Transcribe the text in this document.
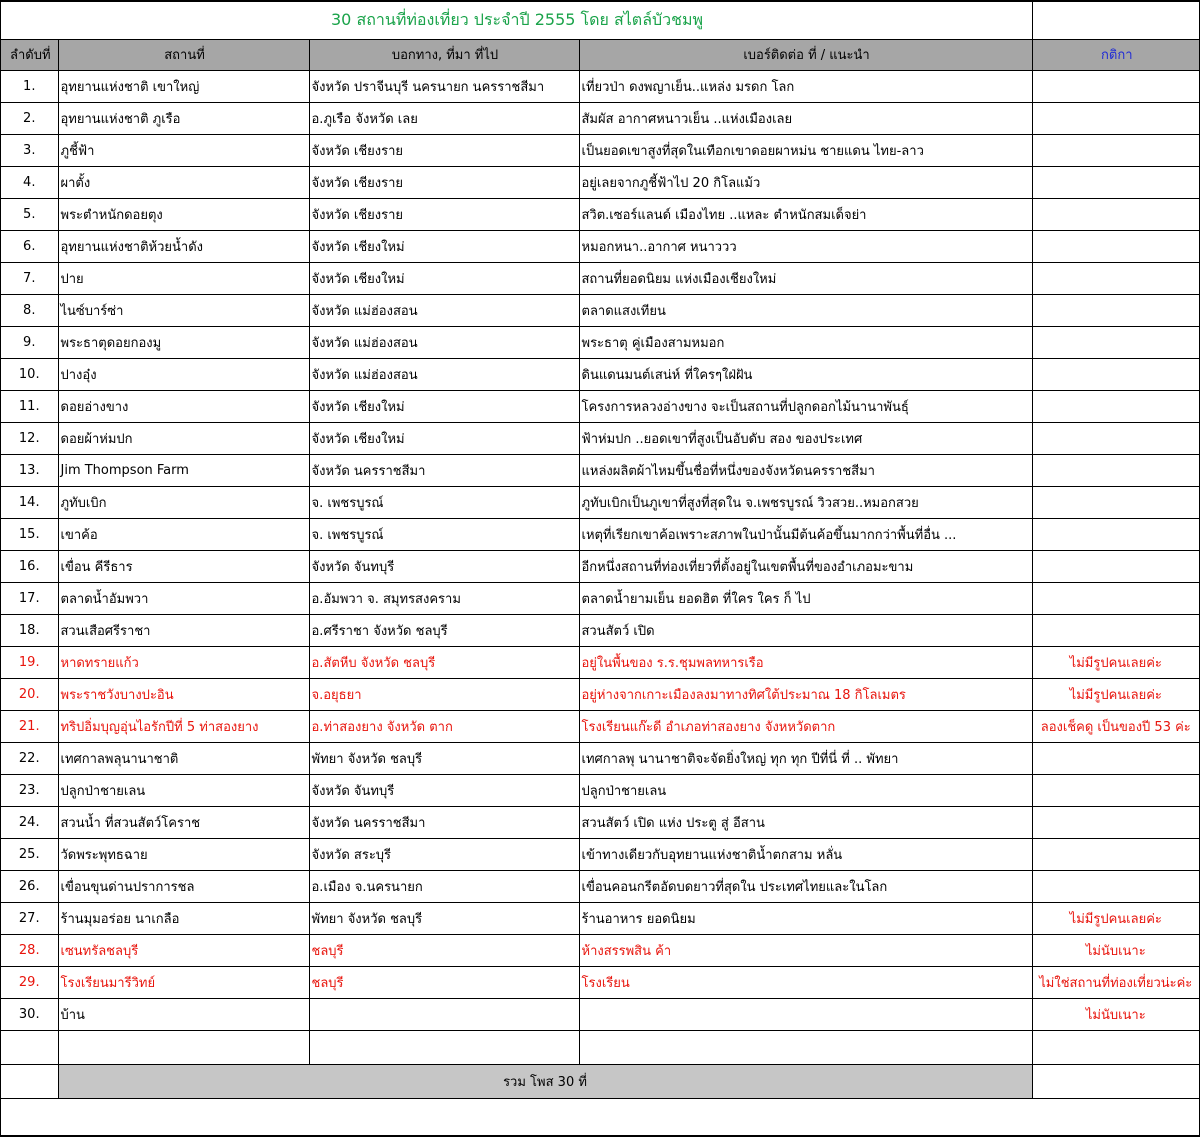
30 สถานที่ท่องเที่ยว ประจำปี 2555 โดย สไตล์บัวชมพู				
ลำดับที่	สถานที่	บอกทาง, ที่มา ที่ไป	เบอร์ติดต่อ ที่ / แนะนำ	กติกา
1.	อุทยานแห่งชาติ เขาใหญ่	จังหวัด ปราจีนบุรี นครนายก นครราชสีมา	เที่ยวป่า ดงพญาเย็น..แหล่ง มรดก โลก	
2.	อุทยานแห่งชาติ ภูเรือ	อ.ภูเรือ จังหวัด เลย	สัมผัส อากาศหนาวเย็น ..แห่งเมืองเลย	
3.	ภูชี้ฟ้า	จังหวัด เชียงราย	เป็นยอดเขาสูงที่สุดในเทือกเขาดอยผาหม่น ชายแดน ไทย-ลาว	
4.	ผาตั้ง	จังหวัด เชียงราย	อยู่เลยจากภูชี้ฟ้าไป 20 กิโลแม้ว	
5.	พระตำหนักดอยตุง	จังหวัด เชียงราย	สวิต.เซอร์แลนด์ เมืองไทย ..แหละ ตำหนักสมเด็จย่า	
6.	อุทยานแห่งชาติห้วยน้ำดัง	จังหวัด เชียงใหม่	หมอกหนา..อากาศ หนาววว	
7.	ปาย	จังหวัด เชียงใหม่	สถานที่ยอดนิยม แห่งเมืองเชียงใหม่	
8.	ไนซ์บาร์ซ่า	จังหวัด แม่ฮ่องสอน	ตลาดแสงเทียน	
9.	พระธาตุดอยกองมู	จังหวัด แม่ฮ่องสอน	พระธาตุ คู่เมืองสามหมอก	
10.	ปางอุ๋ง	จังหวัด แม่ฮ่องสอน	ดินแดนมนต์เสน่ห์ ที่ใครๆใฝ่ฝัน	
11.	ดอยอ่างขาง	จังหวัด เชียงใหม่	โครงการหลวงอ่างขาง จะเป็นสถานที่ปลูกดอกไม้นานาพันธุ์	
12.	ดอยผ้าห่มปก	จังหวัด เชียงใหม่	ฟ้าห่มปก ..ยอดเขาที่สูงเป็นอับดับ สอง ของประเทศ	
13.	Jim Thompson Farm	จังหวัด นครราชสีมา	แหล่งผลิตผ้าไหมขึ้นชื่อที่หนึ่งของจังหวัดนครราชสีมา	
14.	ภูทับเบิก	จ. เพชรบูรณ์	ภูทับเบิกเป็นภูเขาที่สูงที่สุดใน จ.เพชรบูรณ์ วิวสวย..หมอกสวย	
15.	เขาค้อ	จ. เพชรบูรณ์	เหตุที่เรียกเขาค้อเพราะสภาพในป่านั้นมีต้นค้อขึ้นมากกว่าพื้นที่อื่น ...	
16.	เขื่อน คีรีธาร	จังหวัด จันทบุรี	อีกหนึ่งสถานที่ท่องเที่ยวที่ตั้งอยู่ในเขตพื้นที่ของอำเภอมะขาม	
17.	ตลาดน้ำอัมพวา	อ.อัมพวา จ. สมุทรสงคราม	ตลาดน้ำยามเย็น ยอดฮิต ที่ใคร ใคร ก็ ไป	
18.	สวนเสือศรีราชา	อ.ศรีราชา จังหวัด ชลบุรี	สวนสัตว์ เปิด	
19.	หาดทรายแก้ว	อ.สัตหีบ จังหวัด ชลบุรี	อยู่ในพื้นของ ร.ร.ชุมพลทหารเรือ	ไม่มีรูปคนเลยค่ะ
20.	พระราชวังบางปะอิน	จ.อยุธยา	อยู่ห่างจากเกาะเมืองลงมาทางทิศใต้ประมาณ 18 กิโลเมตร	ไม่มีรูปคนเลยค่ะ
21.	ทริปอิ่มบุญอุ่นไอรักปีที่ 5 ท่าสองยาง	อ.ท่าสองยาง จังหวัด ตาก	โรงเรียนแก๊ะดี อำเภอท่าสองยาง จังหหวัดตาก	ลองเช็คดู เป็นของปี 53 ค่ะ
22.	เทศกาลพลุนานาชาติ	พัทยา จังหวัด ชลบุรี	เทศกาลพุ นานาชาติจะจัดยิ่งใหญ่ ทุก ทุก ปีที่นี่ ที่ .. พัทยา	
23.	ปลูกป่าชายเลน	จังหวัด จันทบุรี	ปลูกป่าชายเลน	
24.	สวนน้ำ ที่สวนสัตว์โคราช	จังหวัด นครราชสีมา	สวนสัตว์ เปิด แห่ง ประตู สู่ อีสาน	
25.	วัดพระพุทธฉาย	จังหวัด สระบุรี	เข้าทางเดียวกับอุทยานแห่งชาติน้ำตกสาม หลั่น	
26.	เขื่อนขุนด่านปราการชล	อ.เมือง จ.นครนายก	เขื่อนคอนกรีตอัดบดยาวที่สุดใน ประเทศไทยและในโลก	
27.	ร้านมุมอร่อย นาเกลือ	พัทยา จังหวัด ชลบุรี	ร้านอาหาร ยอดนิยม	ไม่มีรูปคนเลยค่ะ
28.	เซนทรัลชลบุรี	ชลบุรี	ห้างสรรพสิน ค้า	ไม่นับเนาะ
29.	โรงเรียนมารีวิทย์	ชลบุรี	โรงเรียน	ไม่ใช่สถานที่ท่องเที่ยวน่ะค่ะ
30.	บ้าน			ไม่นับเนาะ

	รวม โพส 30 ที่			
